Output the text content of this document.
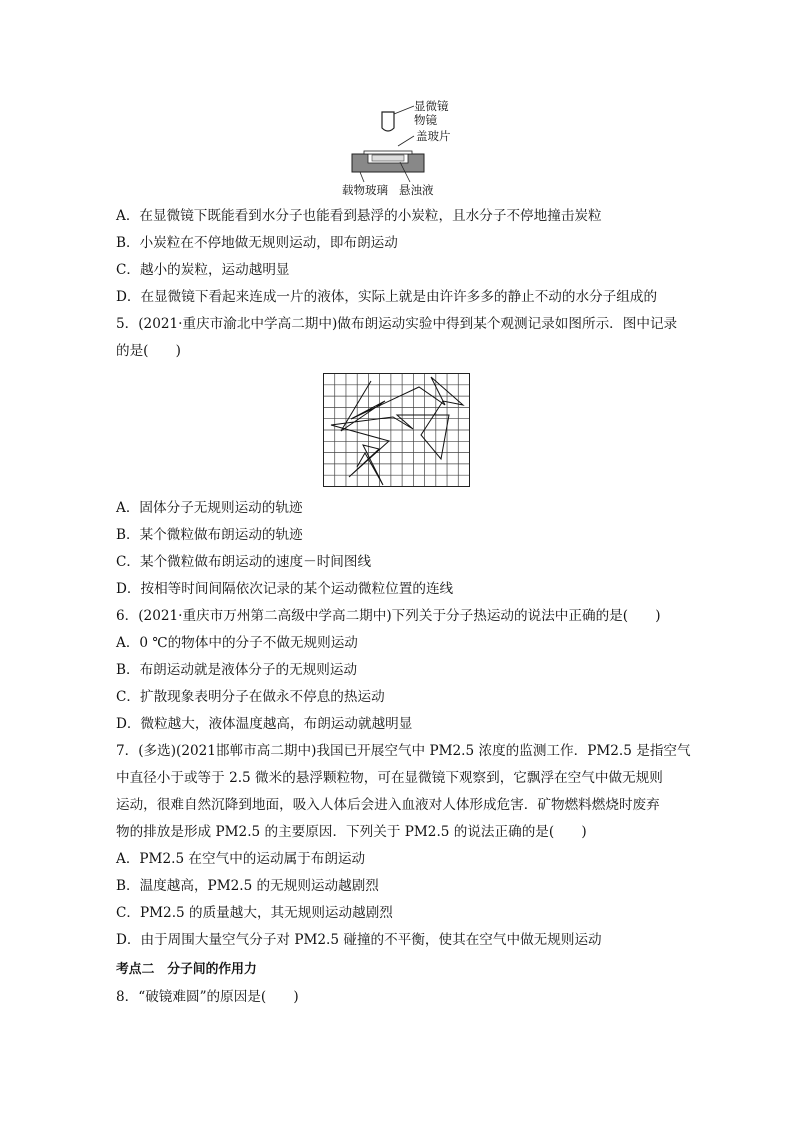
显微镜
物镜
盖玻片
载物玻璃 悬浊液
A．在显微镜下既能看到水分子也能看到悬浮的小炭粒，且水分子不停地撞击炭粒
B．小炭粒在不停地做无规则运动，即布朗运动
C．越小的炭粒，运动越明显
D．在显微镜下看起来连成一片的液体，实际上就是由许许多多的静止不动的水分子组成的
5．(2021·重庆市渝北中学高二期中)做布朗运动实验中得到某个观测记录如图所示．图中记录
的是(　　)
A．固体分子无规则运动的轨迹
B．某个微粒做布朗运动的轨迹
C．某个微粒做布朗运动的速度－时间图线
D．按相等时间间隔依次记录的某个运动微粒位置的连线
6．(2021·重庆市万州第二高级中学高二期中)下列关于分子热运动的说法中正确的是(　　)
A．0 ℃的物体中的分子不做无规则运动
B．布朗运动就是液体分子的无规则运动
C．扩散现象表明分子在做永不停息的热运动
D．微粒越大，液体温度越高，布朗运动就越明显
7．(多选)(2021邯郸市高二期中)我国已开展空气中 PM2.5 浓度的监测工作．PM2.5 是指空气
中直径小于或等于 2.5 微米的悬浮颗粒物，可在显微镜下观察到，它飘浮在空气中做无规则
运动，很难自然沉降到地面，吸入人体后会进入血液对人体形成危害．矿物燃料燃烧时废弃
物的排放是形成 PM2.5 的主要原因．下列关于 PM2.5 的说法正确的是(　　)
A．PM2.5 在空气中的运动属于布朗运动
B．温度越高，PM2.5 的无规则运动越剧烈
C．PM2.5 的质量越大，其无规则运动越剧烈
D．由于周围大量空气分子对 PM2.5 碰撞的不平衡，使其在空气中做无规则运动
考点二　分子间的作用力
8．“破镜难圆”的原因是(　　)
